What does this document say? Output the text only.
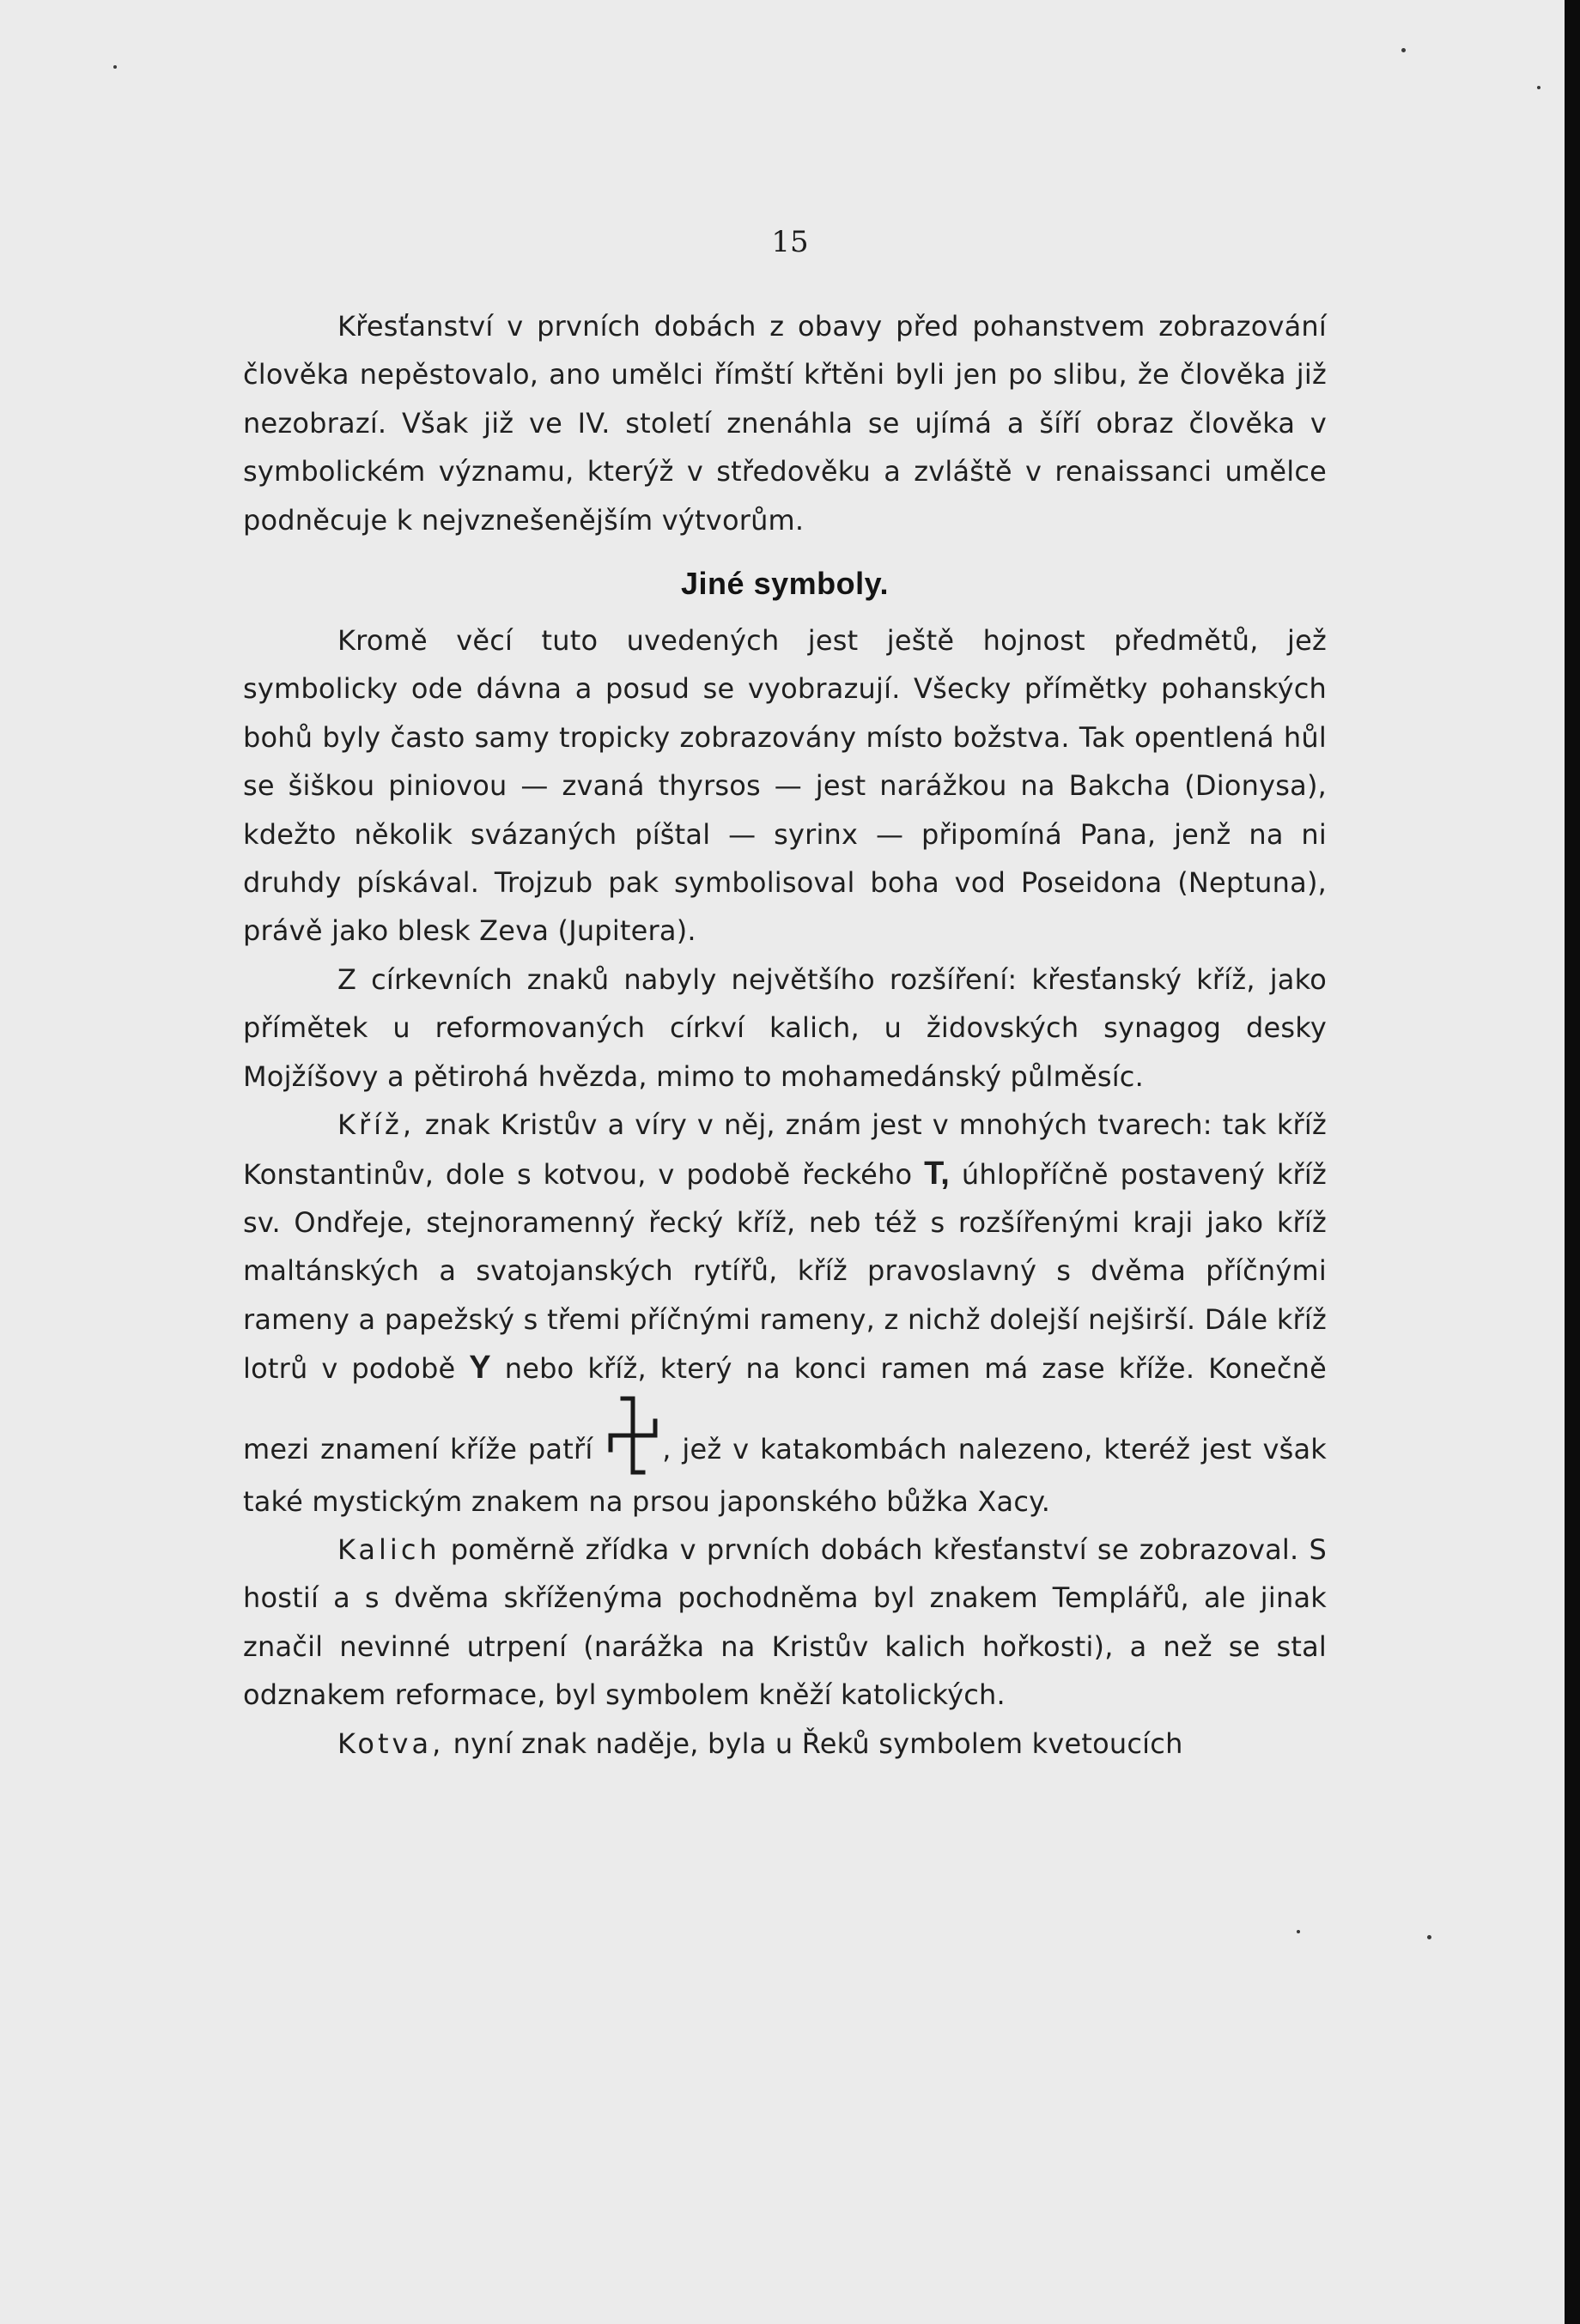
15

Křesťanství v prvních dobách z obavy před pohanstvem zobrazování člověka nepěstovalo, ano umělci římští křtěni byli jen po slibu, že člověka již nezobrazí. Však již ve IV. století znenáhla se ujímá a šíří obraz člověka v symbolickém významu, kterýž v středověku a zvláště v renaissanci umělce podněcuje k nejvznešenějším výtvorům.

Jiné symboly.

Kromě věcí tuto uvedených jest ještě hojnost předmětů, jež symbolicky ode dávna a posud se vyobrazují. Všecky přímětky pohanských bohů byly často samy tropicky zobrazovány místo božstva. Tak opentlená hůl se šiškou piniovou — zvaná thyrsos — jest narážkou na Bakcha (Dionysa), kdežto několik svázaných píštal — syrinx — připomíná Pana, jenž na ni druhdy pískával. Trojzub pak symbolisoval boha vod Poseidona (Neptuna), právě jako blesk Zeva (Jupitera).

Z církevních znaků nabyly největšího rozšíření: křesťanský kříž, jako přímětek u reformovaných církví kalich, u židovských synagog desky Mojžíšovy a pětirohá hvězda, mimo to mohamedánský půlměsíc.

Kříž, znak Kristův a víry v něj, znám jest v mnohých tvarech: tak kříž Konstantinův, dole s kotvou, v podobě řeckého T, úhlopříčně postavený kříž sv. Ondřeje, stejnoramenný řecký kříž, neb též s rozšířenými kraji jako kříž maltánských a svatojanských rytířů, kříž pravoslavný s dvěma příčnými rameny a papežský s třemi příčnými rameny, z nichž dolejší nejširší. Dále kříž lotrů v podobě Y nebo kříž, který na konci ramen má zase kříže. Konečně mezi znamení kříže patří
, jež v katakombách nalezeno, kteréž jest však také mystickým znakem na prsou japonského bůžka Xacy.

Kalich poměrně zřídka v prvních dobách křesťanství se zobrazoval. S hostií a s dvěma skříženýma pochodněma byl znakem Templářů, ale jinak značil nevinné utrpení (narážka na Kristův kalich hořkosti), a než se stal odznakem reformace, byl symbolem kněží katolických.

Kotva, nyní znak naděje, byla u Řeků symbolem kvetoucích
